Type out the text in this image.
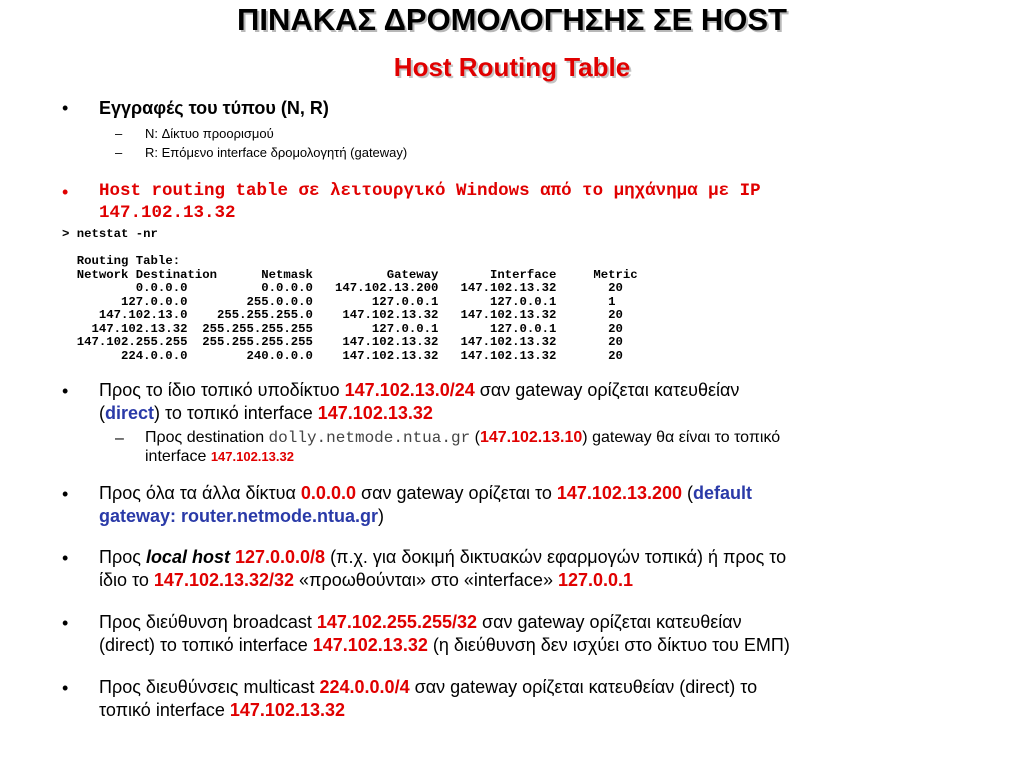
ΠΙΝΑΚΑΣ ΔΡΟΜΟΛΟΓΗΣΗΣ ΣΕ HOST
Host Routing Table
• Εγγραφές του τύπου (N, R)
– N: Δίκτυο προορισμού
– R: Επόμενο interface δρομολογητή (gateway)
• Host routing table σε λειτουργικό Windows από το μηχάνημα με IP
147.102.13.32
> netstat -nr

Routing Table:
Network Destination      Netmask          Gateway       Interface     Metric
0.0.0.0          0.0.0.0   147.102.13.200   147.102.13.32       20
127.0.0.0        255.0.0.0        127.0.0.1       127.0.0.1       1
147.102.13.0    255.255.255.0    147.102.13.32   147.102.13.32       20
147.102.13.32  255.255.255.255        127.0.0.1       127.0.0.1       20
147.102.255.255  255.255.255.255    147.102.13.32   147.102.13.32       20
224.0.0.0        240.0.0.0    147.102.13.32   147.102.13.32       20
• Προς το ίδιο τοπικό υποδίκτυο 147.102.13.0/24 σαν gateway ορίζεται κατευθείαν
(direct) το τοπικό interface 147.102.13.32
– Προς destination dolly.netmode.ntua.gr (147.102.13.10) gateway θα είναι το τοπικό
interface 147.102.13.32
• Προς όλα τα άλλα δίκτυα 0.0.0.0 σαν gateway ορίζεται το 147.102.13.200 (default
gateway: router.netmode.ntua.gr)
• Προς local host 127.0.0.0/8 (π.χ. για δοκιμή δικτυακών εφαρμογών τοπικά) ή προς το
ίδιο το 147.102.13.32/32 «προωθούνται» στο «interface» 127.0.0.1
• Προς διεύθυνση broadcast 147.102.255.255/32 σαν gateway ορίζεται κατευθείαν
(direct) το τοπικό interface 147.102.13.32 (η διεύθυνση δεν ισχύει στο δίκτυο του ΕΜΠ)
• Προς διευθύνσεις multicast 224.0.0.0/4 σαν gateway ορίζεται κατευθείαν (direct) το
τοπικό interface 147.102.13.32
